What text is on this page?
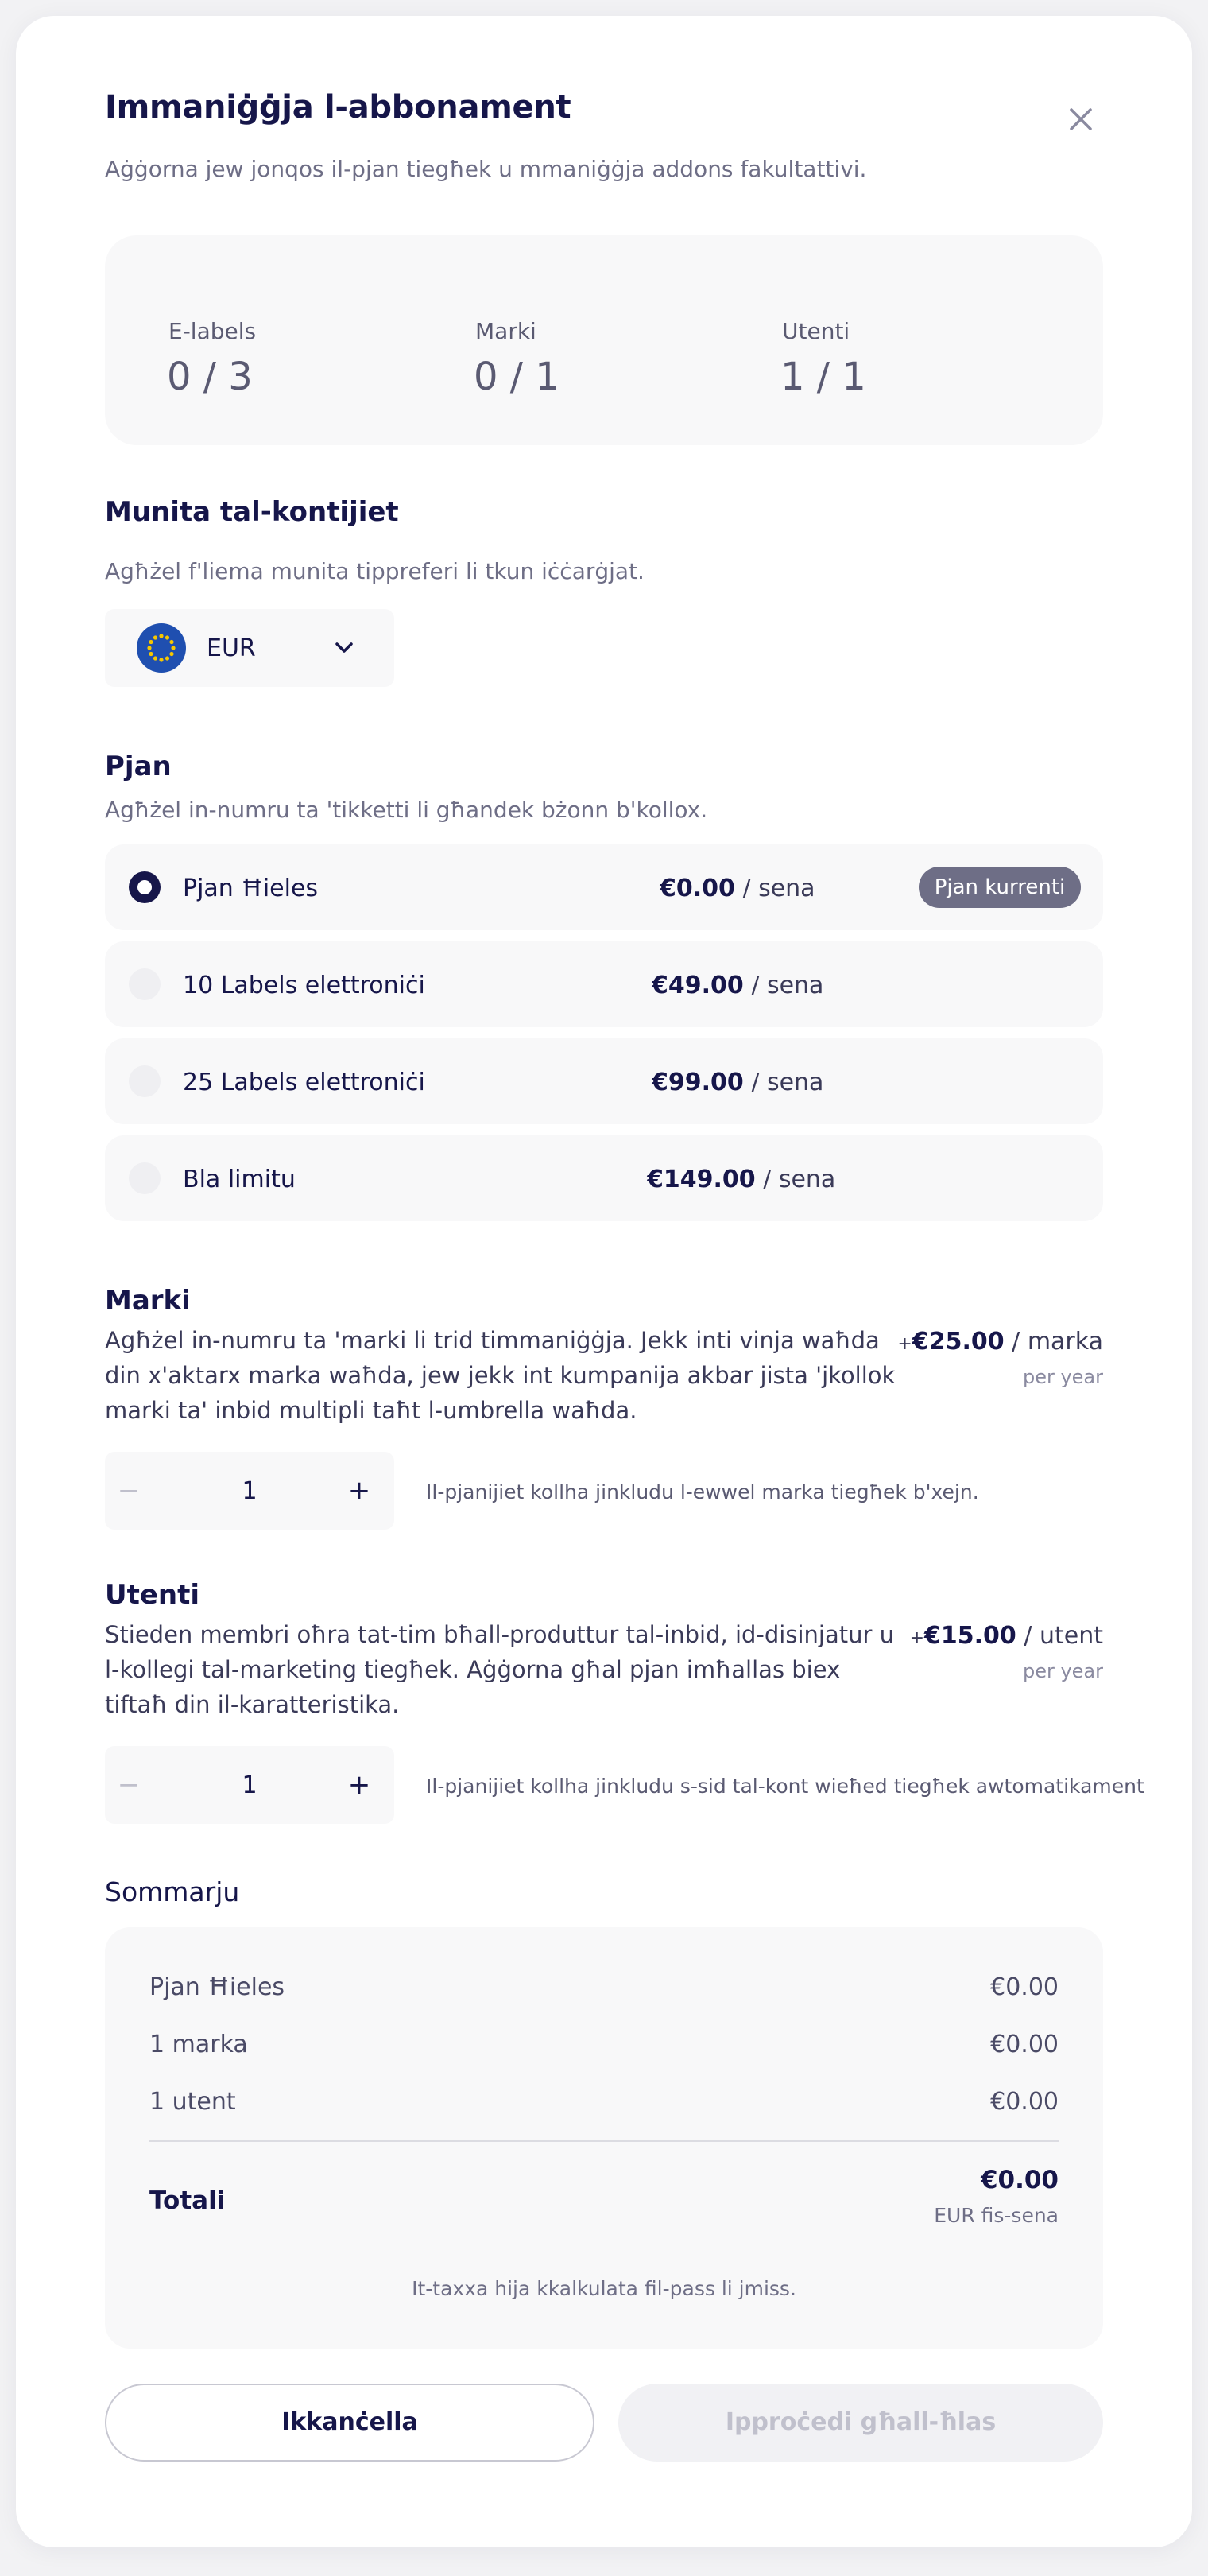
Immaniġġja l-abbonament
Aġġorna jew jonqos il-pjan tiegħek u mmaniġġja addons fakultattivi.
E-labels
0 / 3
Marki
0 / 1
Utenti
1 / 1
Munita tal-kontijiet
Agħżel f'liema munita tippreferi li tkun iċċarġjat.
EUR
Pjan
Agħżel in-numru ta 'tikketti li għandek bżonn b'kollox.
Pjan Ħieles	€0.00 / sena	Pjan kurrenti
10 Labels elettroniċi	€49.00 / sena
25 Labels elettroniċi	€99.00 / sena
Bla limitu	€149.00 / sena
Marki
Agħżel in-numru ta 'marki li trid timmaniġġja. Jekk inti vinja waħda din x'aktarx marka waħda, jew jekk int kumpanija akbar jista 'jkollok marki ta' inbid multipli taħt l-umbrella waħda.
+€25.00 / marka
per year
−	1	+	Il-pjanijiet kollha jinkludu l-ewwel marka tiegħek b'xejn.
Utenti
Stieden membri oħra tat-tim bħall-produttur tal-inbid, id-disinjatur u l-kollegi tal-marketing tiegħek. Aġġorna għal pjan imħallas biex tiftaħ din il-karatteristika.
+€15.00 / utent
per year
−	1	+	Il-pjanijiet kollha jinkludu s-sid tal-kont wieħed tiegħek awtomatikament
Sommarju
Pjan Ħieles	€0.00
1 marka	€0.00
1 utent	€0.00
Totali
€0.00
EUR fis-sena
It-taxxa hija kkalkulata fil-pass li jmiss.
Ikkanċella	Ipproċedi għall-ħlas
